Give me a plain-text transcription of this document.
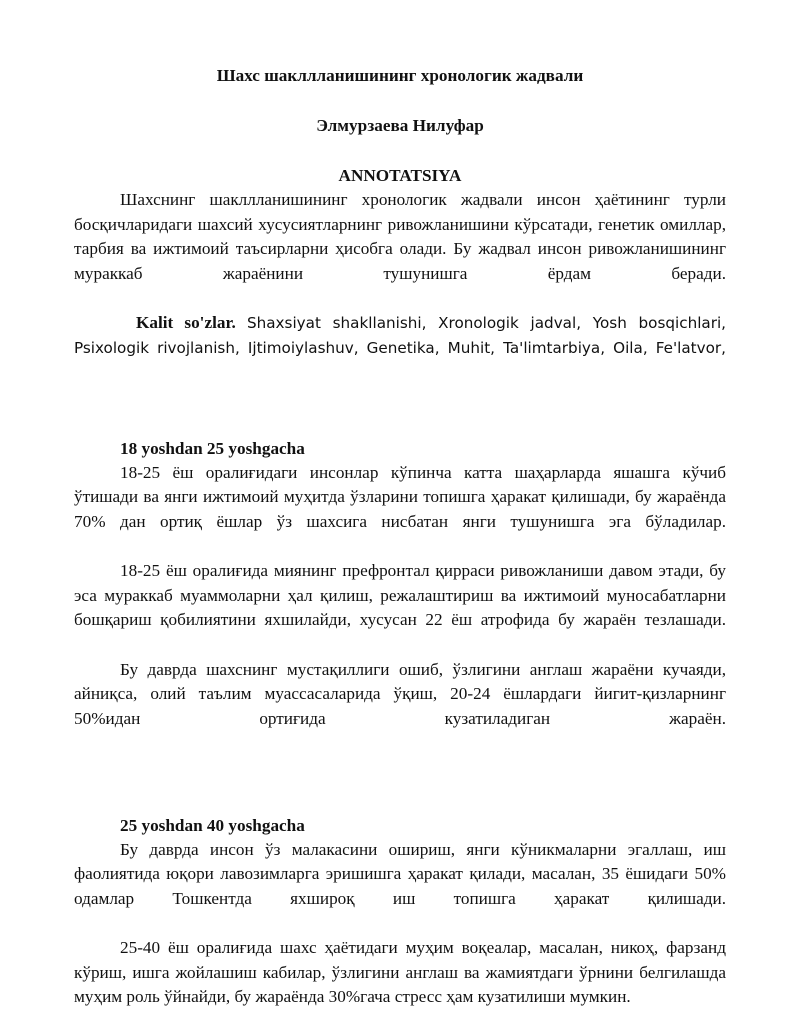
Шахс шакллланишининг хронологик жадвали

Элмурзаева Нилуфар

ANNOTATSIYA

Шахснинг шакллланишининг хронологик жадвали инсон ҳаётининг турли босқичларидаги шахсий хусусиятларнинг ривожланишини кўрсатади, генетик омиллар, тарбия ва ижтимоий таъсирларни ҳисобга олади. Бу жадвал инсон ривожланишининг мураккаб жараёнини тушунишга ёрдам беради.

Kalit so'zlar. Shaxsiyat shakllanishi, Xronologik jadval, Yosh bosqichlari, Psixologik rivojlanish, Ijtimoiylashuv, Genetika, Muhit, Ta'limtarbiya, Oila, Fe'latvor,

18 yoshdan 25 yoshgacha

18-25 ёш оралиғидаги инсонлар кўпинча катта шаҳарларда яшашга кўчиб ўтишади ва янги ижтимоий муҳитда ўзларини топишга ҳаракат қилишади, бу жараёнда 70% дан ортиқ ёшлар ўз шахсига нисбатан янги тушунишга эга бўладилар.

18-25 ёш оралиғида миянинг префронтал қирраси ривожланиши давом этади, бу эса мураккаб муаммоларни ҳал қилиш, режалаштириш ва ижтимоий муносабатларни бошқариш қобилиятини яхшилайди, хусусан 22 ёш атрофида бу жараён тезлашади.

Бу даврда шахснинг мустақиллиги ошиб, ўзлигини англаш жараёни кучаяди, айниқса, олий таълим муассасаларида ўқиш, 20-24 ёшлардаги йигит-қизларнинг 50%идан ортиғида кузатиладиган жараён.

25 yoshdan 40 yoshgacha

Бу даврда инсон ўз малакасини ошириш, янги кўникмаларни эгаллаш, иш фаолиятида юқори лавозимларга эришишга ҳаракат қилади, масалан, 35 ёшидаги 50% одамлар Тошкентда яхшироқ иш топишга ҳаракат қилишади.

25-40 ёш оралиғида шахс ҳаётидаги муҳим воқеалар, масалан, никоҳ, фарзанд кўриш, ишга жойлашиш кабилар, ўзлигини англаш ва жамиятдаги ўрнини белгилашда муҳим роль ўйнайди, бу жараёнда 30%гача стресс ҳам кузатилиши мумкин.
